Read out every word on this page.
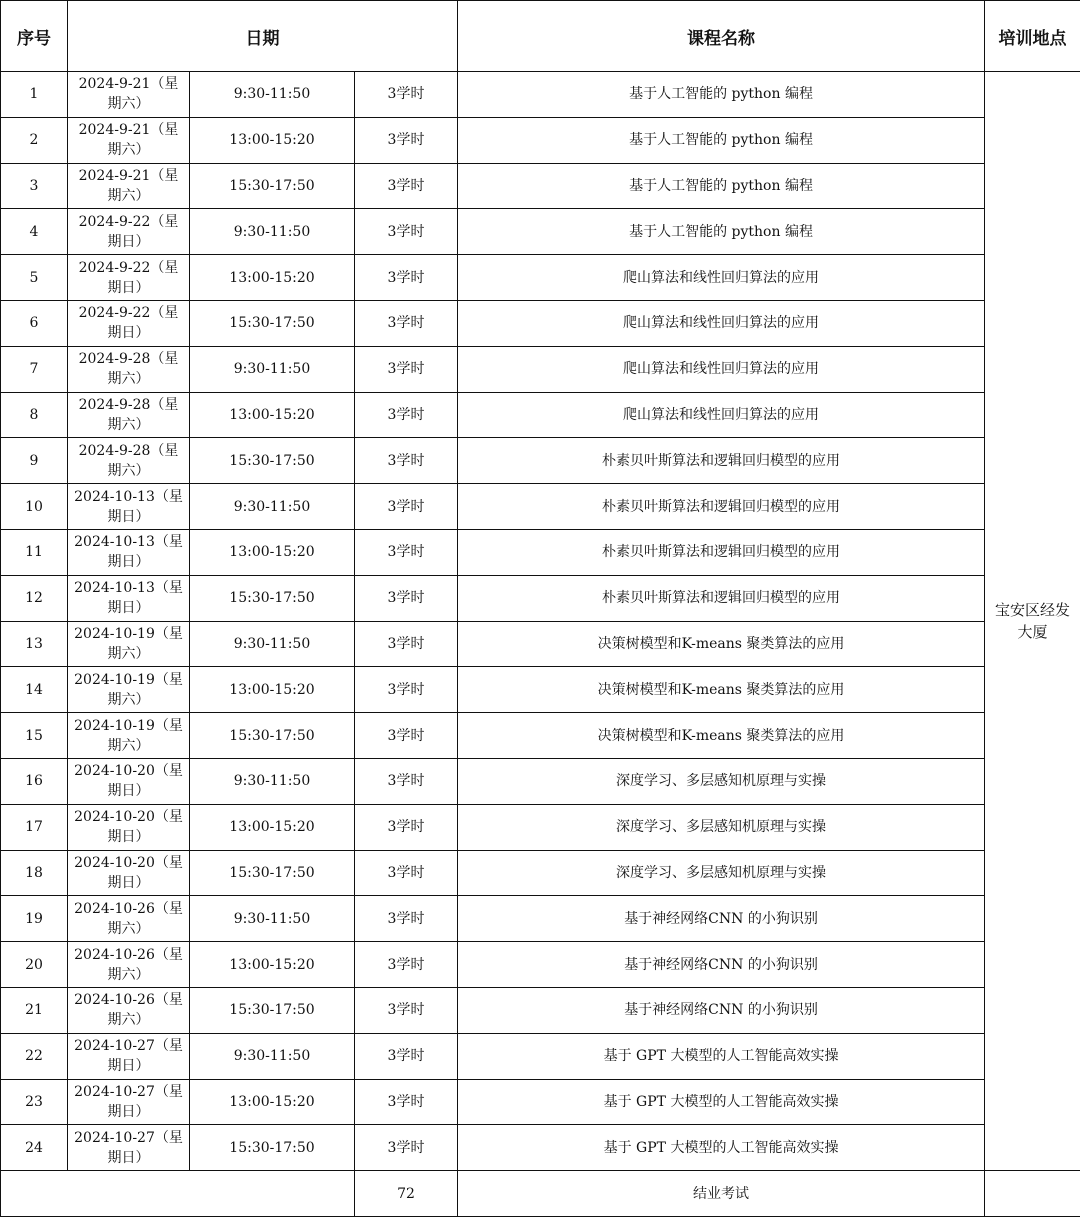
序号	日期			课程名称	培训地点
1	2024-9-21（星期六）	9:30-11:50	3学时	基于人工智能的 python 编程	宝安区经发大厦
2	2024-9-21（星期六）	13:00-15:20	3学时	基于人工智能的 python 编程	
3	2024-9-21（星期六）	15:30-17:50	3学时	基于人工智能的 python 编程	
4	2024-9-22（星期日）	9:30-11:50	3学时	基于人工智能的 python 编程	
5	2024-9-22（星期日）	13:00-15:20	3学时	爬山算法和线性回归算法的应用	
6	2024-9-22（星期日）	15:30-17:50	3学时	爬山算法和线性回归算法的应用	
7	2024-9-28（星期六）	9:30-11:50	3学时	爬山算法和线性回归算法的应用	
8	2024-9-28（星期六）	13:00-15:20	3学时	爬山算法和线性回归算法的应用	
9	2024-9-28（星期六）	15:30-17:50	3学时	朴素贝叶斯算法和逻辑回归模型的应用	
10	2024-10-13（星期日）	9:30-11:50	3学时	朴素贝叶斯算法和逻辑回归模型的应用	
11	2024-10-13（星期日）	13:00-15:20	3学时	朴素贝叶斯算法和逻辑回归模型的应用	
12	2024-10-13（星期日）	15:30-17:50	3学时	朴素贝叶斯算法和逻辑回归模型的应用	
13	2024-10-19（星期六）	9:30-11:50	3学时	决策树模型和K-means 聚类算法的应用	
14	2024-10-19（星期六）	13:00-15:20	3学时	决策树模型和K-means 聚类算法的应用	
15	2024-10-19（星期六）	15:30-17:50	3学时	决策树模型和K-means 聚类算法的应用	
16	2024-10-20（星期日）	9:30-11:50	3学时	深度学习、多层感知机原理与实操	
17	2024-10-20（星期日）	13:00-15:20	3学时	深度学习、多层感知机原理与实操	
18	2024-10-20（星期日）	15:30-17:50	3学时	深度学习、多层感知机原理与实操	
19	2024-10-26（星期六）	9:30-11:50	3学时	基于神经网络CNN 的小狗识别	
20	2024-10-26（星期六）	13:00-15:20	3学时	基于神经网络CNN 的小狗识别	
21	2024-10-26（星期六）	15:30-17:50	3学时	基于神经网络CNN 的小狗识别	
22	2024-10-27（星期日）	9:30-11:50	3学时	基于 GPT 大模型的人工智能高效实操	
23	2024-10-27（星期日）	13:00-15:20	3学时	基于 GPT 大模型的人工智能高效实操	
24	2024-10-27（星期日）	15:30-17:50	3学时	基于 GPT 大模型的人工智能高效实操	
			72	结业考试	
